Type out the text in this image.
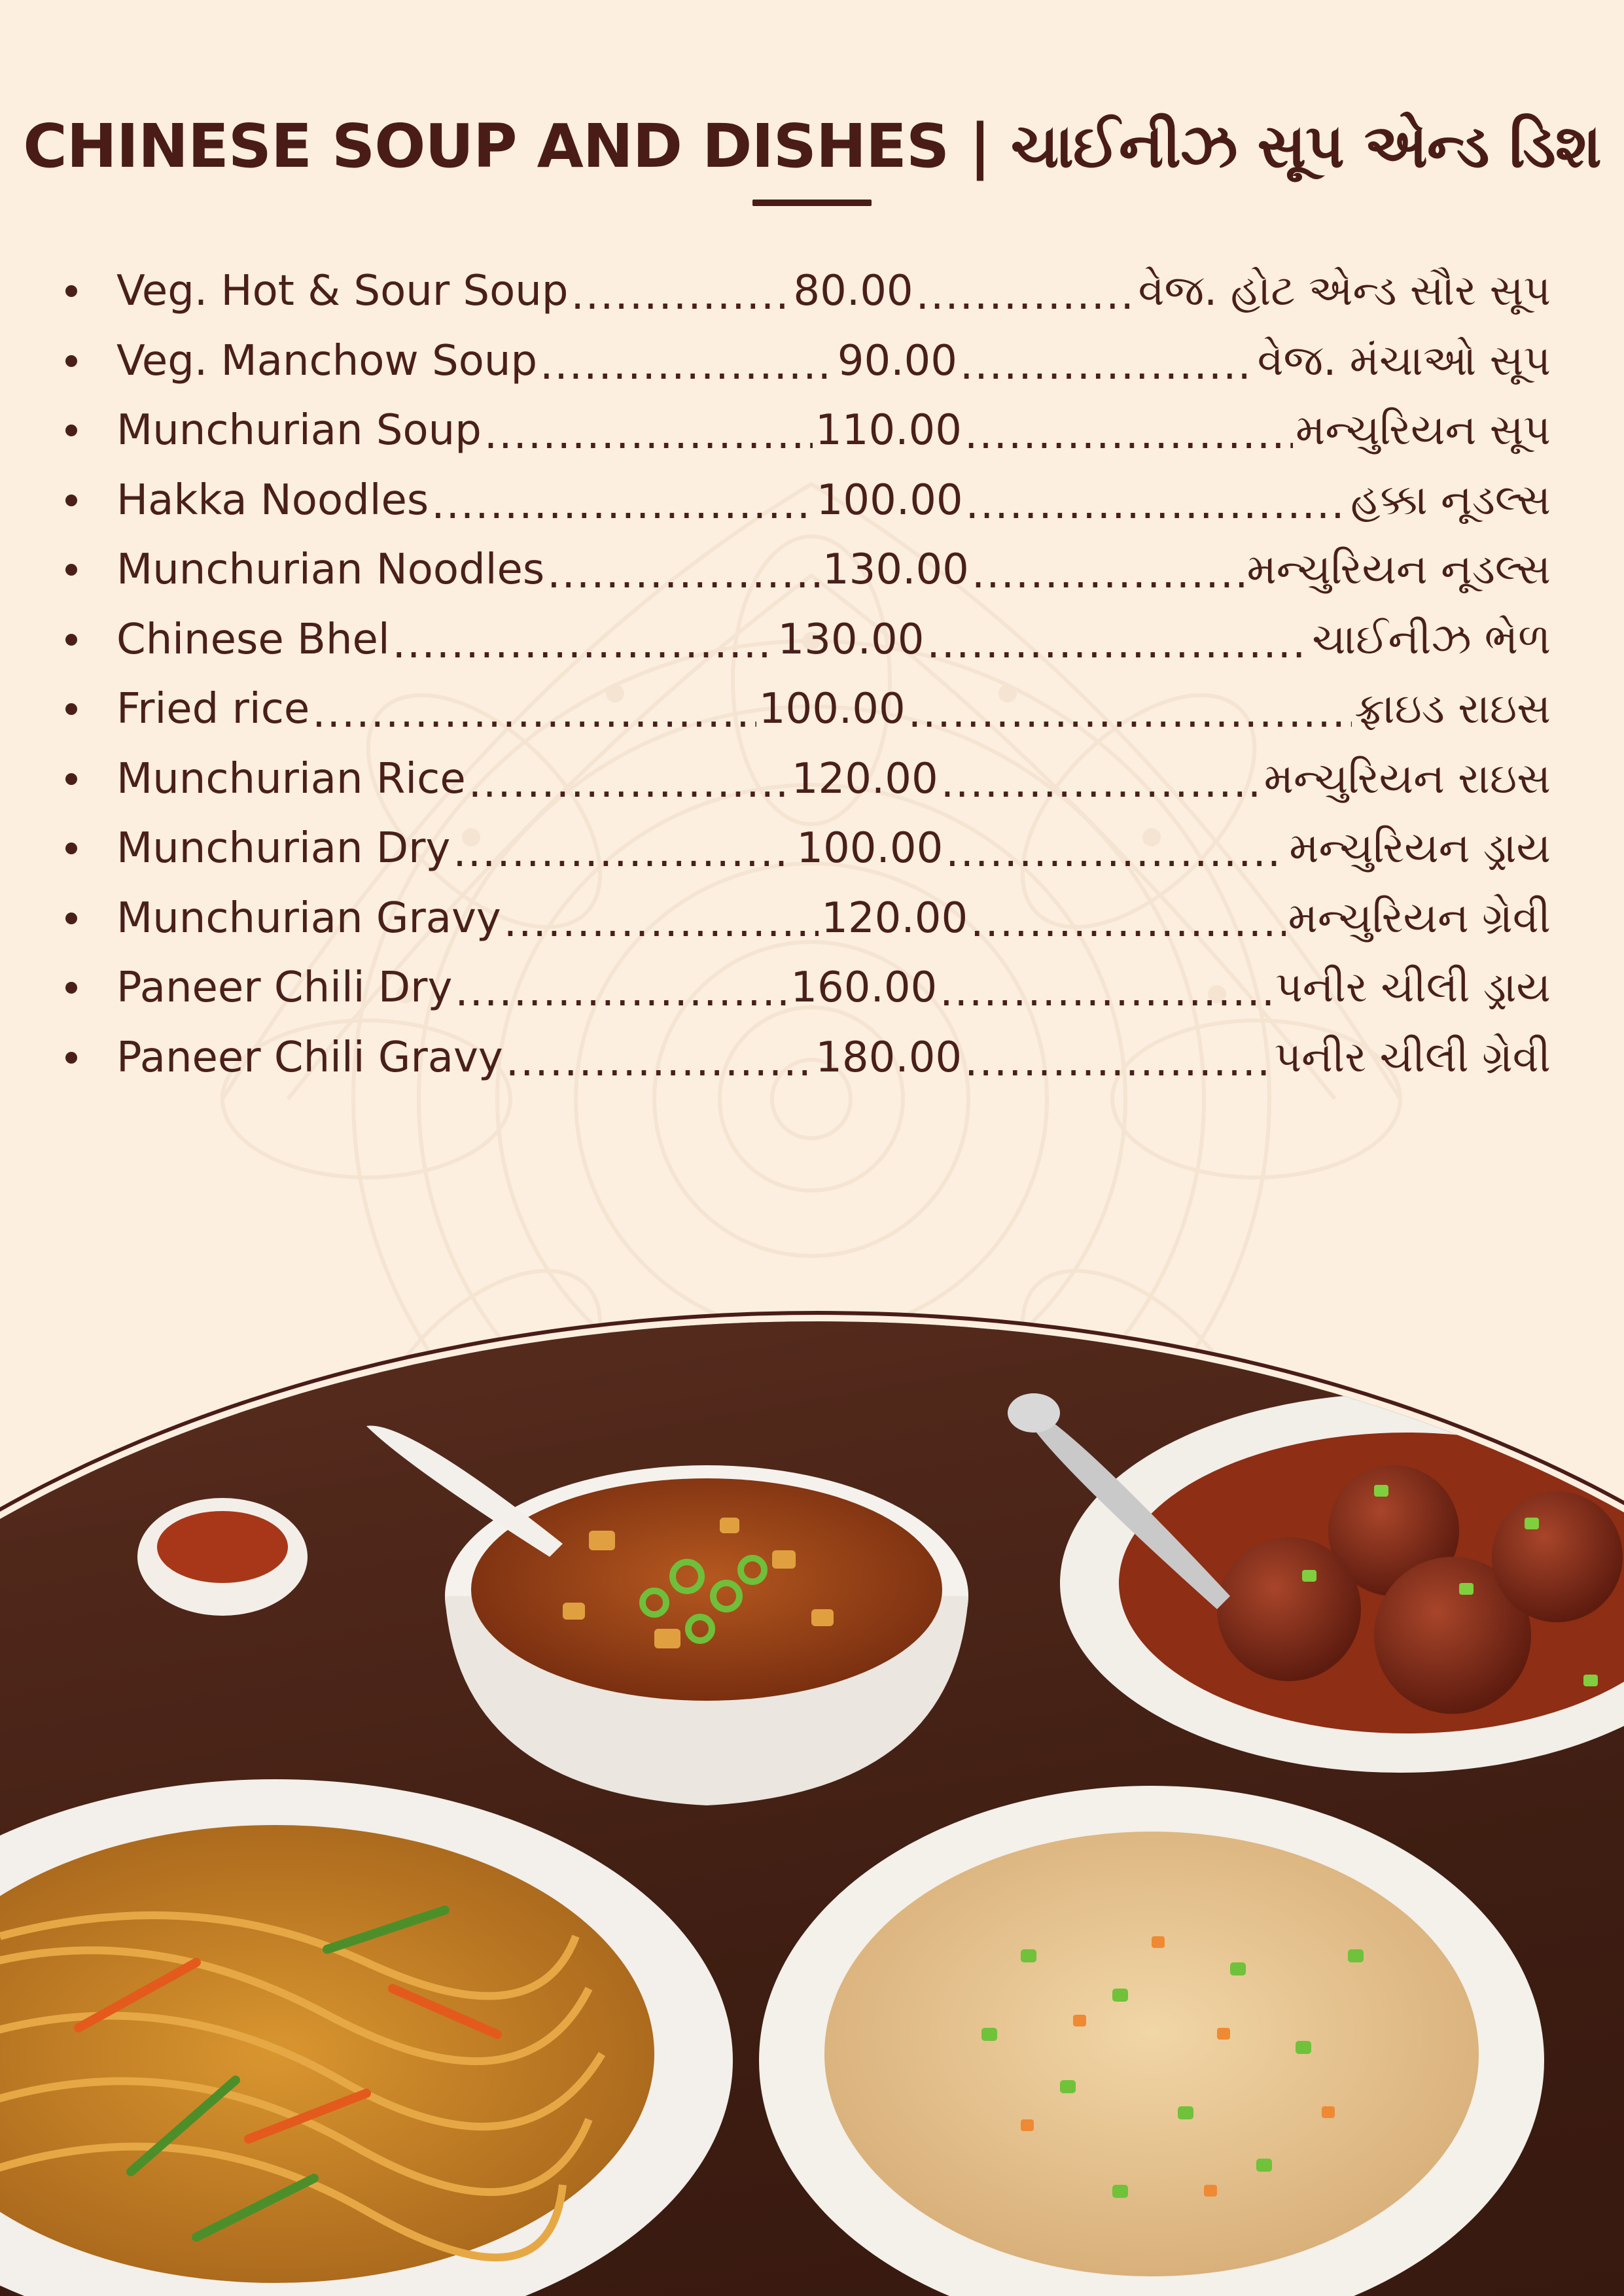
CHINESE SOUP AND DISHES | ચાઈનીઝ સૂપ એન્ડ ડિશ
Veg. Hot & Sour Soup .....	80.00 .....	વેજ. હોટ એન્ડ સૌર સૂપ
Veg. Manchow Soup .....	90.00 .....	વેજ. મંચાઓ સૂપ
Munchurian Soup .....	110.00 .....	મન્ચુરિયન સૂપ
Hakka Noodles .....	100.00 .....	હક્કા નૂડલ્સ
Munchurian Noodles .....	130.00 .....	મન્ચુરિયન નૂડલ્સ
Chinese Bhel .....	130.00 .....	ચાઈનીઝ ભેળ
Fried rice .....	100.00 .....	ફ્રાઇડ રાઇસ
Munchurian Rice .....	120.00 .....	મન્ચુરિયન રાઇસ
Munchurian Dry .....	100.00 .....	મન્ચુરિયન ડ્રાય
Munchurian Gravy .....	120.00 .....	મન્ચુરિયન ગ્રેવી
Paneer Chili Dry .....	160.00 .....	પનીર ચીલી ડ્રાય
Paneer Chili Gravy .....	180.00 .....	પનીર ચીલી ગ્રેવી
